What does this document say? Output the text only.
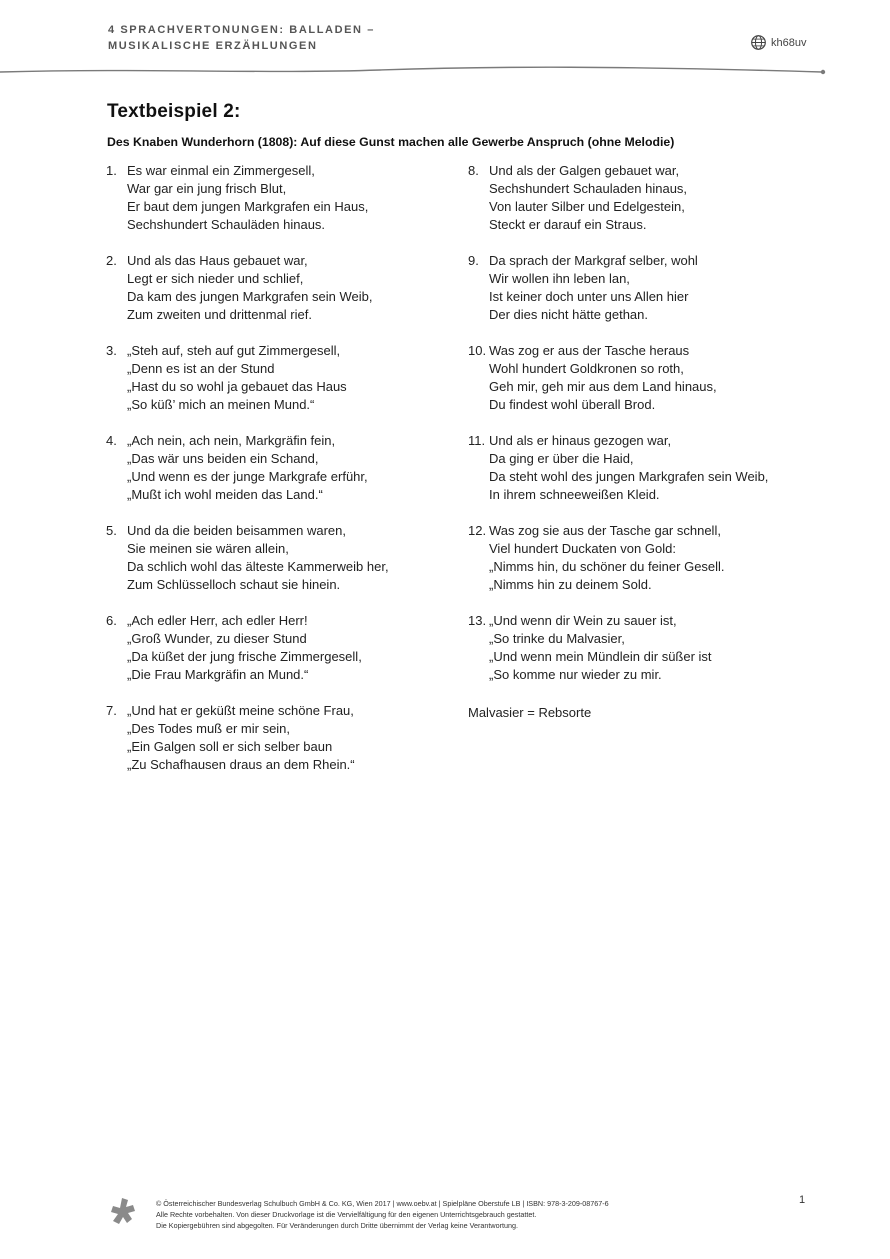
4 SPRACHVERTONUNGEN: BALLADEN –
MUSIKALISCHE ERZÄHLUNGEN	kh68uv
Textbeispiel 2:
Des Knaben Wunderhorn (1808): Auf diese Gunst machen alle Gewerbe Anspruch (ohne Melodie)
1. Es war einmal ein Zimmergesell,
War gar ein jung frisch Blut,
Er baut dem jungen Markgrafen ein Haus,
Sechshundert Schauläden hinaus.
2. Und als das Haus gebauet war,
Legt er sich nieder und schlief,
Da kam des jungen Markgrafen sein Weib,
Zum zweiten und drittenmal rief.
3. „Steh auf, steh auf gut Zimmergesell,
„Denn es ist an der Stund
„Hast du so wohl ja gebauet das Haus
„So küß’ mich an meinen Mund.“
4. „Ach nein, ach nein, Markgräfin fein,
„Das wär uns beiden ein Schand,
„Und wenn es der junge Markgrafe erführ,
„Mußt ich wohl meiden das Land.“
5. Und da die beiden beisammen waren,
Sie meinen sie wären allein,
Da schlich wohl das älteste Kammerweib her,
Zum Schlüsselloch schaut sie hinein.
6. „Ach edler Herr, ach edler Herr!
„Groß Wunder, zu dieser Stund
„Da küßet der jung frische Zimmergesell,
„Die Frau Markgräfin an Mund.“
7. „Und hat er geküßt meine schöne Frau,
„Des Todes muß er mir sein,
„Ein Galgen soll er sich selber baun
„Zu Schafhausen draus an dem Rhein.“
8. Und als der Galgen gebauet war,
Sechshundert Schauladen hinaus,
Von lauter Silber und Edelgestein,
Steckt er darauf ein Straus.
9. Da sprach der Markgraf selber, wohl
Wir wollen ihn leben lan,
Ist keiner doch unter uns Allen hier
Der dies nicht hätte gethan.
10. Was zog er aus der Tasche heraus
Wohl hundert Goldkronen so roth,
Geh mir, geh mir aus dem Land hinaus,
Du findest wohl überall Brod.
11. Und als er hinaus gezogen war,
Da ging er über die Haid,
Da steht wohl des jungen Markgrafen sein Weib,
In ihrem schneeweißen Kleid.
12. Was zog sie aus der Tasche gar schnell,
Viel hundert Duckaten von Gold:
„Nimms hin, du schöner du feiner Gesell.
„Nimms hin zu deinem Sold.
13. „Und wenn dir Wein zu sauer ist,
„So trinke du Malvasier,
„Und wenn mein Mündlein dir süßer ist
„So komme nur wieder zu mir.
Malvasier = Rebsorte
© Österreichischer Bundesverlag Schulbuch GmbH & Co. KG, Wien 2017 | www.oebv.at | Spielpläne Oberstufe LB | ISBN: 978-3-209-08767-6
Alle Rechte vorbehalten. Von dieser Druckvorlage ist die Vervielfältigung für den eigenen Unterrichtsgebrauch gestattet.
Die Kopiergebühren sind abgegolten. Für Veränderungen durch Dritte übernimmt der Verlag keine Verantwortung.
1
